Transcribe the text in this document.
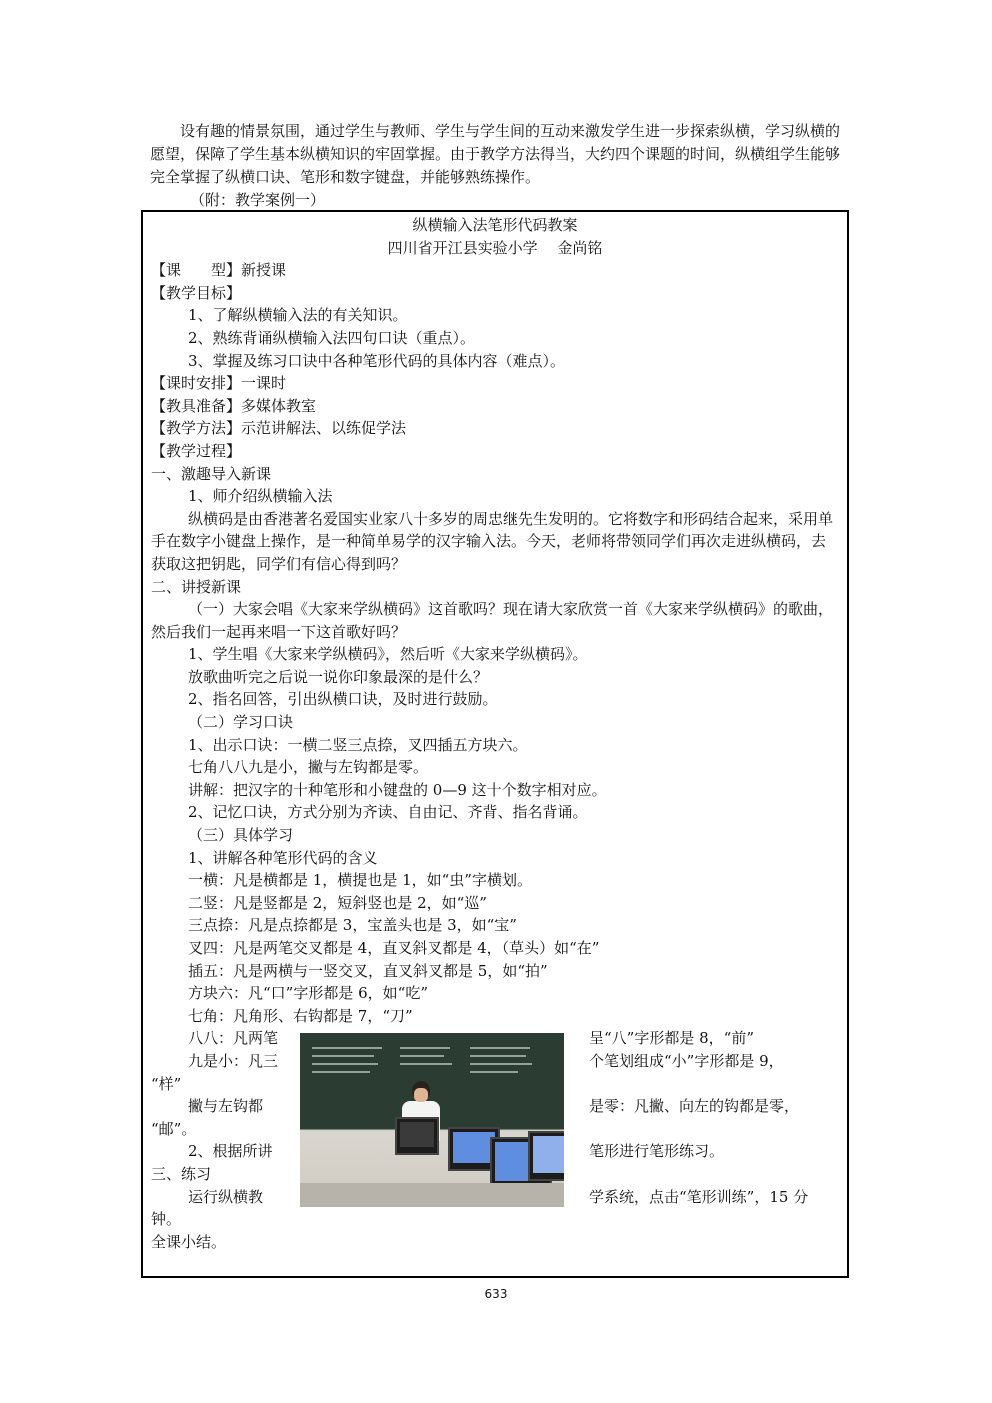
设有趣的情景氛围，通过学生与教师、学生与学生间的互动来激发学生进一步探索纵横，学习纵横的愿望，保障了学生基本纵横知识的牢固掌握。由于教学方法得当，大约四个课题的时间，纵横组学生能够完全掌握了纵横口诀、笔形和数字键盘，并能够熟练操作。

（附：教学案例一）
纵横输入法笔形代码教案
四川省开江县实验小学　 金尚铭
【课　　型】新授课
【教学目标】
1、了解纵横输入法的有关知识。
2、熟练背诵纵横输入法四句口诀（重点）。
3、掌握及练习口诀中各种笔形代码的具体内容（难点）。
【课时安排】一课时
【教具准备】多媒体教室
【教学方法】示范讲解法、以练促学法
【教学过程】
一、激趣导入新课
1、师介绍纵横输入法
纵横码是由香港著名爱国实业家八十多岁的周忠继先生发明的。它将数字和形码结合起来，采用单手在数字小键盘上操作，是一种简单易学的汉字输入法。今天，老师将带领同学们再次走进纵横码，去获取这把钥匙，同学们有信心得到吗？
二、讲授新课
（一）大家会唱《大家来学纵横码》这首歌吗？现在请大家欣赏一首《大家来学纵横码》的歌曲，然后我们一起再来唱一下这首歌好吗？
1、学生唱《大家来学纵横码》，然后听《大家来学纵横码》。
放歌曲听完之后说一说你印象最深的是什么？
2、指名回答，引出纵横口诀，及时进行鼓励。
（二）学习口诀
1、出示口诀：一横二竖三点捺，叉四插五方块六。
七角八八九是小，撇与左钩都是零。
讲解：把汉字的十种笔形和小键盘的 0—9 这十个数字相对应。
2、记忆口诀，方式分别为齐读、自由记、齐背、指名背诵。
（三）具体学习
1、讲解各种笔形代码的含义
一横：凡是横都是 1，横提也是 1，如“虫”字横划。
二竖：凡是竖都是 2，短斜竖也是 2，如“巡”
三点捺：凡是点捺都是 3，宝盖头也是 3，如“宝”
叉四：凡是两笔交叉都是 4，直叉斜叉都是 4，（草头）如“在”
插五：凡是两横与一竖交叉，直叉斜叉都是 5，如“拍”
方块六：凡“口”字形都是 6，如“吃”
七角：凡角形、右钩都是 7，“刀”
八八：凡两笔	呈“八”字形都是 8，“前”
九是小：凡三	个笔划组成“小”字形都是 9，
“样”
撇与左钩都	是零：凡撇、向左的钩都是零，
“邮”。
2、根据所讲	笔形进行笔形练习。
三、练习
运行纵横教	学系统，点击“笔形训练”，15 分
钟。
全课小结。
633
